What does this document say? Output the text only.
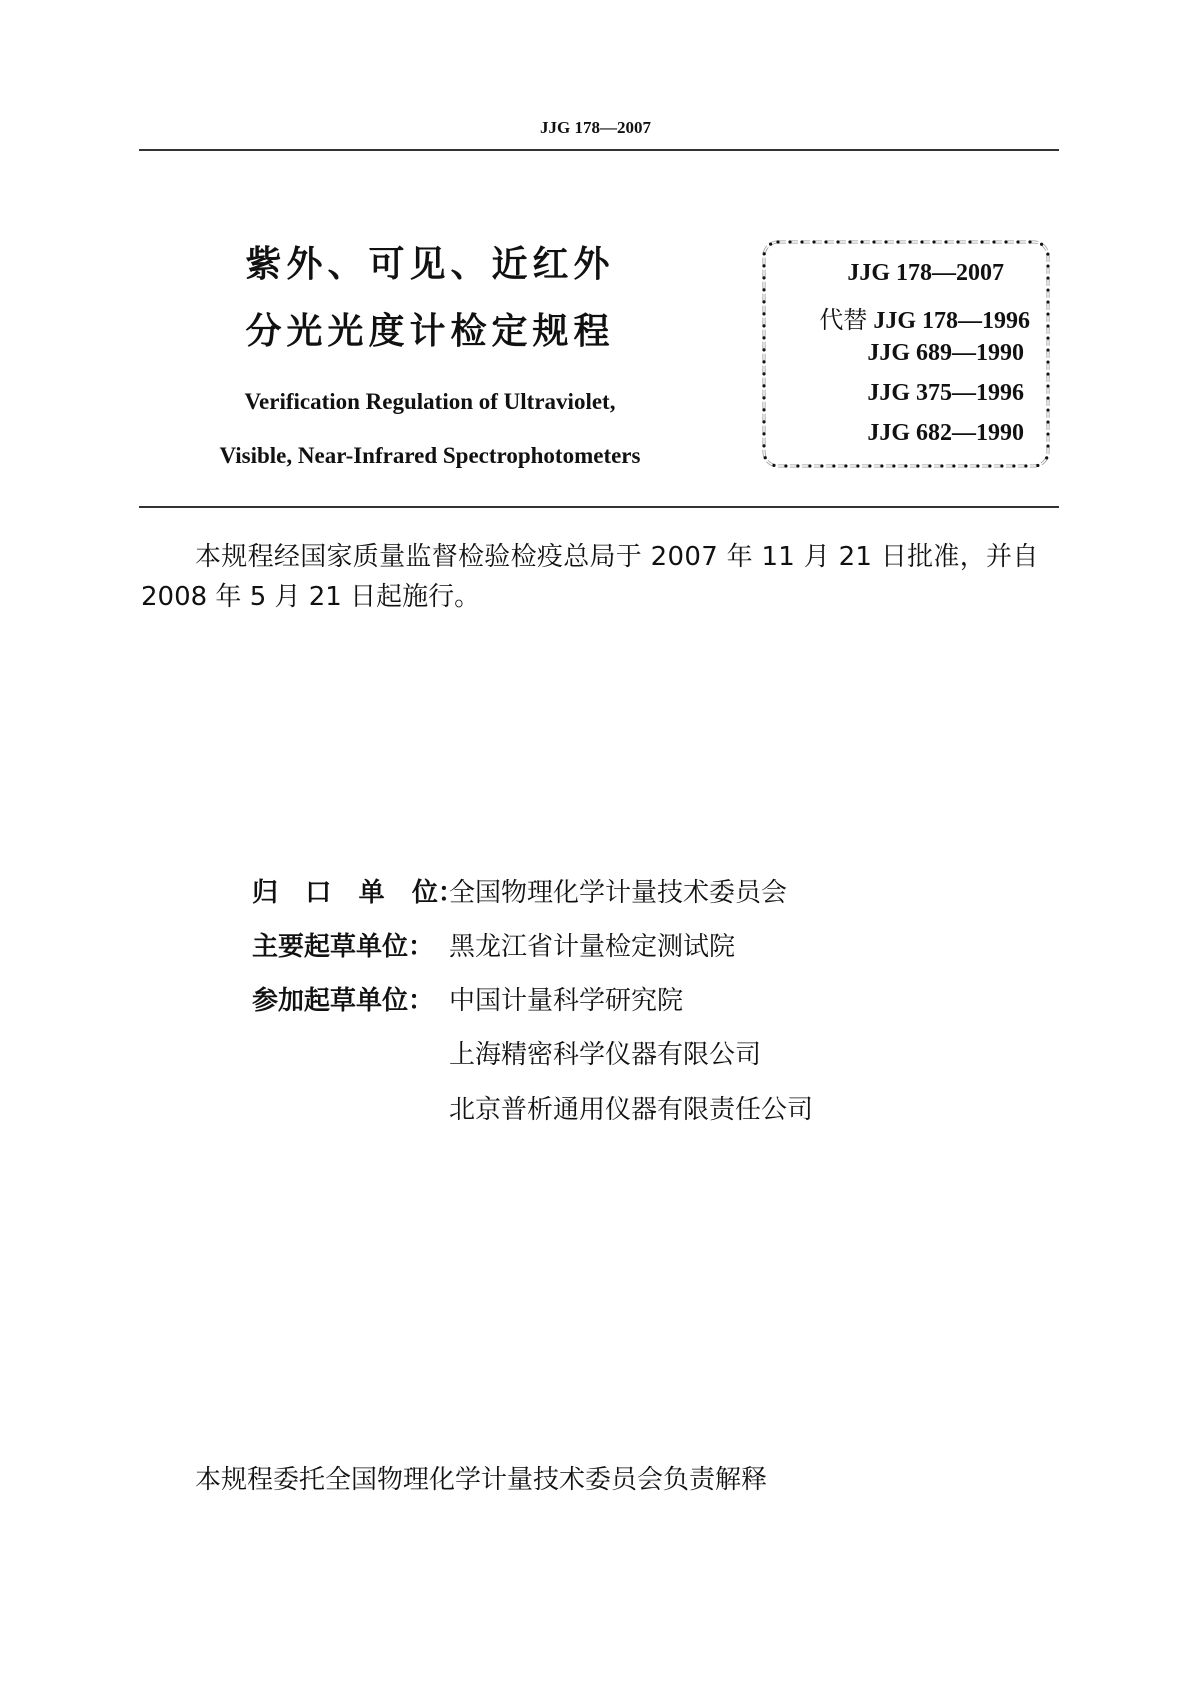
JJG 178—2007
紫外、可见、近红外
分光光度计检定规程
Verification Regulation of Ultraviolet,
Visible, Near-Infrared Spectrophotometers
JJG 178—2007
代替 JJG 178—1996
JJG 689—1990
JJG 375—1996
JJG 682—1990
本规程经国家质量监督检验检疫总局于 2007 年 11 月 21 日批准，并自
2008 年 5 月 21 日起施行。
归 口 单 位：
全国物理化学计量技术委员会
主要起草单位： 黑龙江省计量检定测试院
参加起草单位： 中国计量科学研究院
上海精密科学仪器有限公司
北京普析通用仪器有限责任公司
本规程委托全国物理化学计量技术委员会负责解释
